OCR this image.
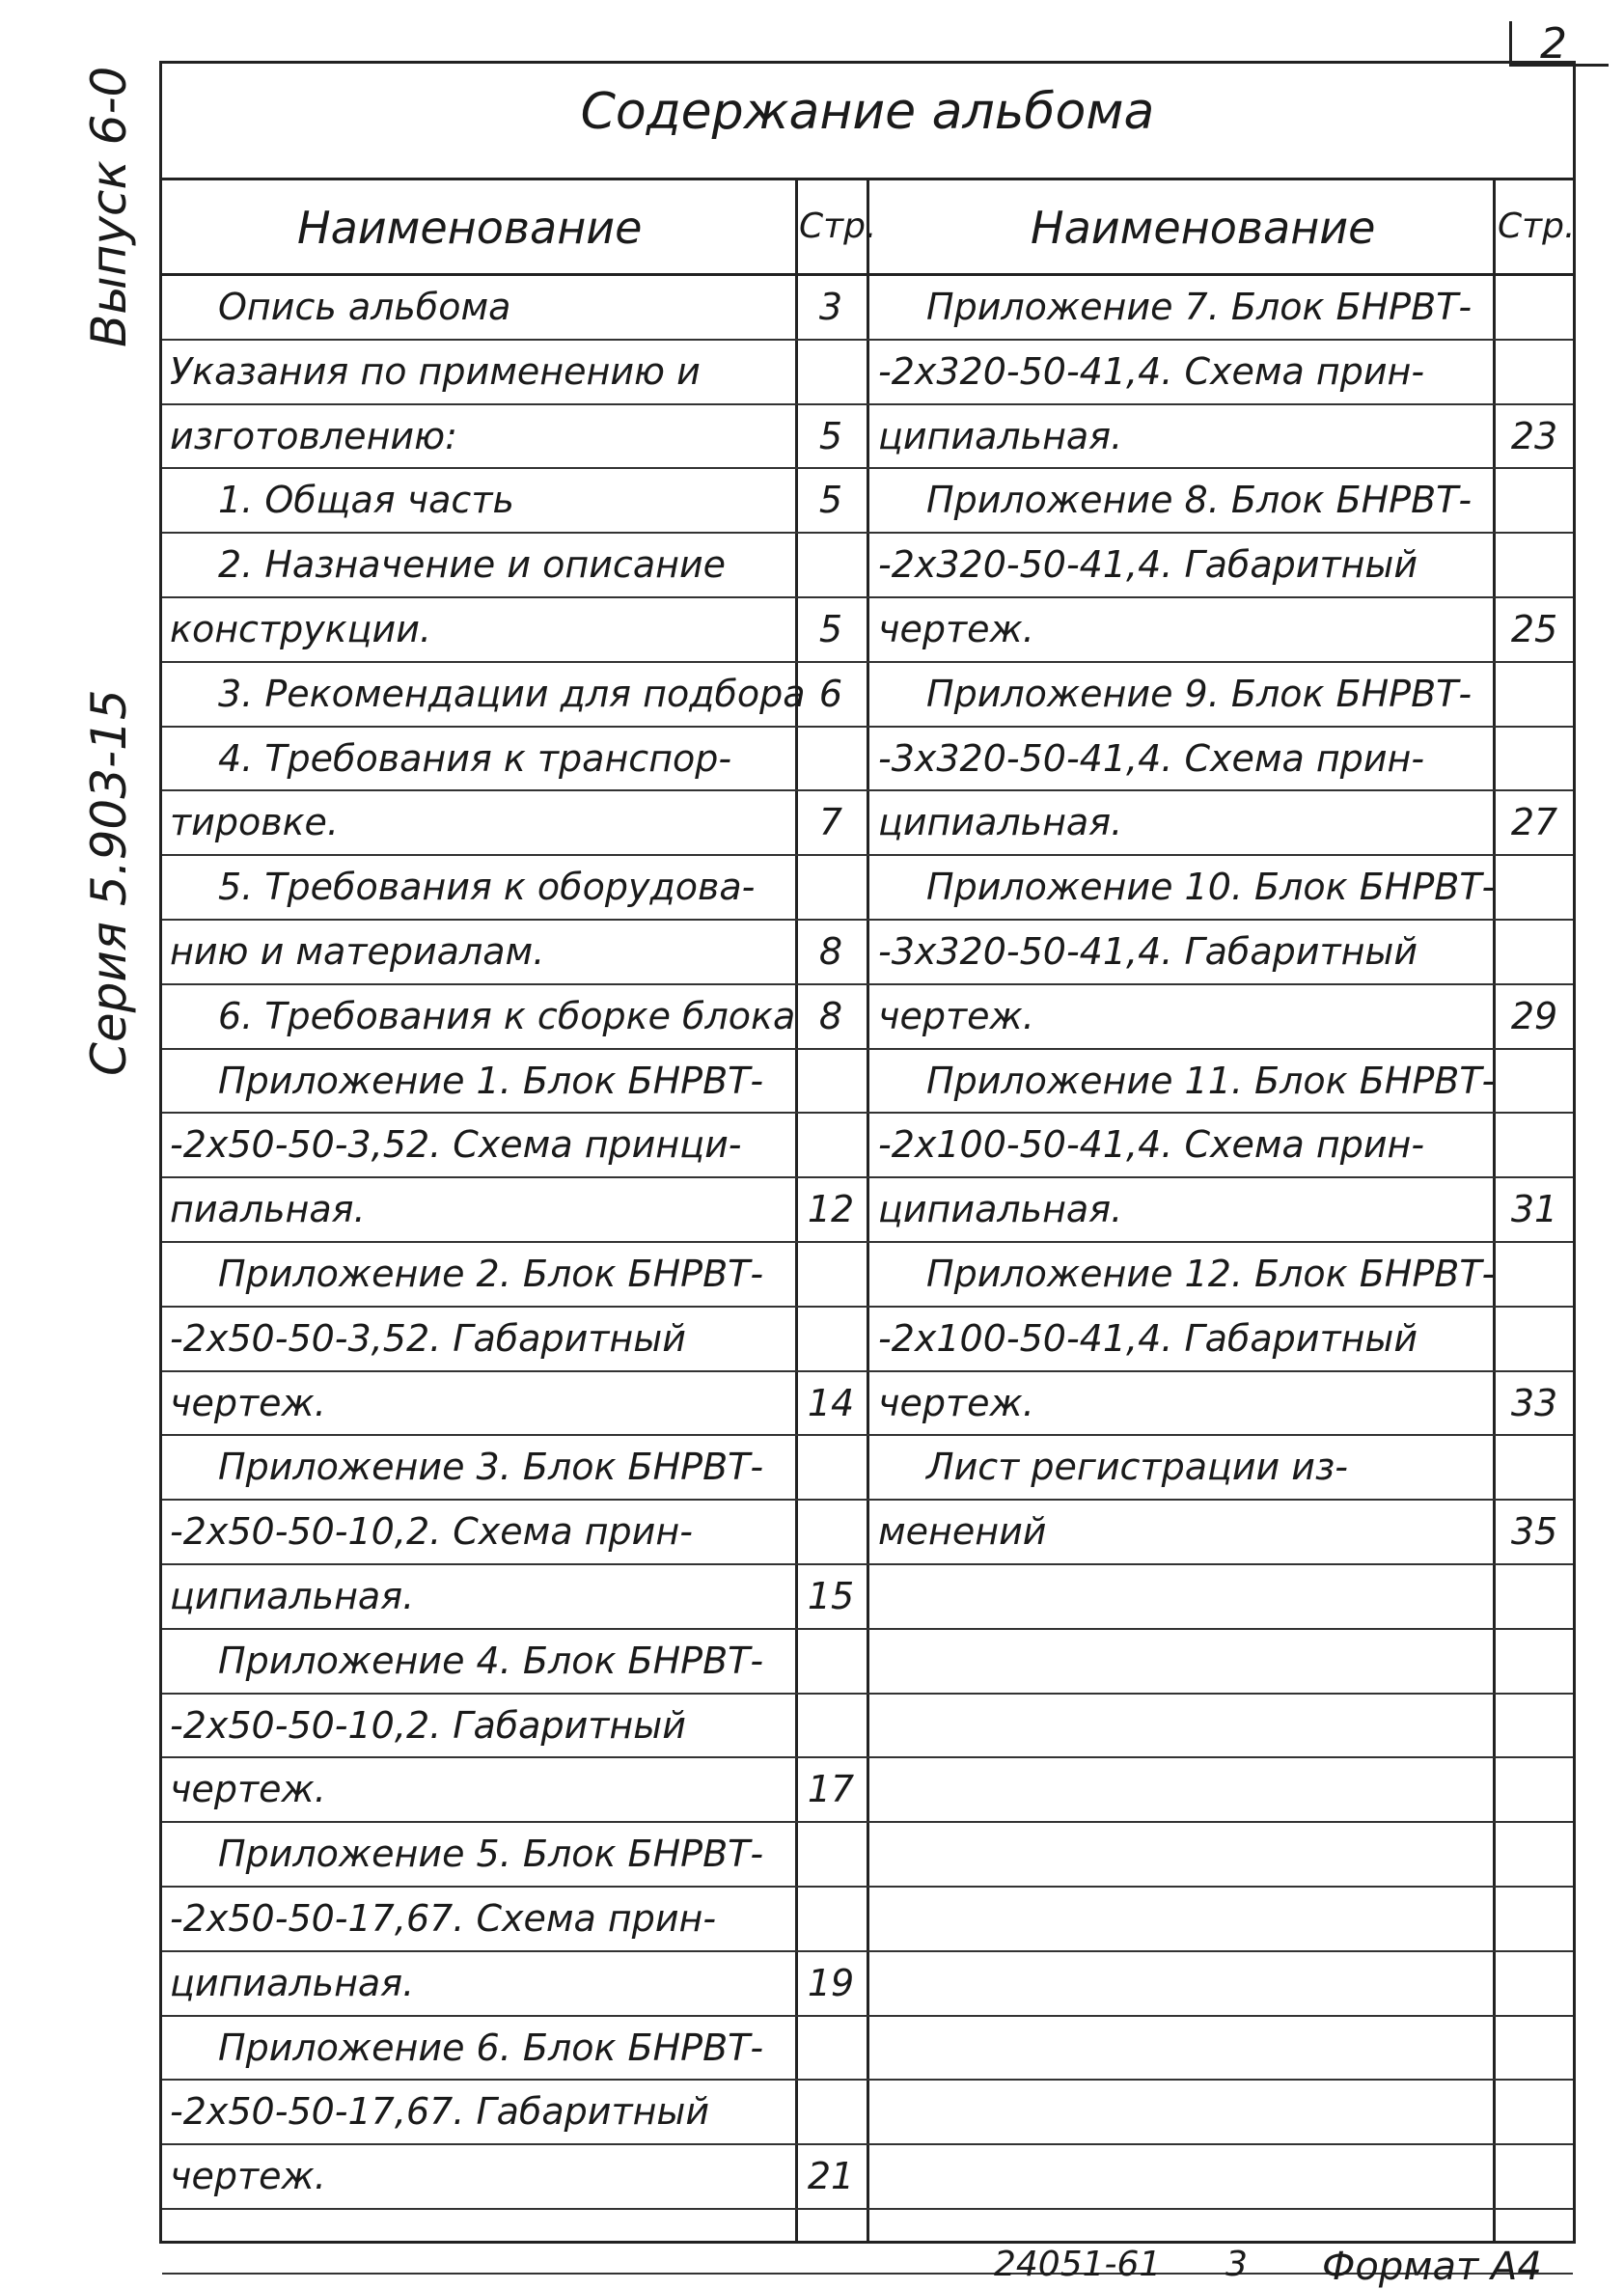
2
Выпуск 6-0
Серия 5.903-15
Содержание альбома
Наименование	Стр.	Наименование	Стр.
Опись альбома	3
Указания по применению и
изготовлению:	5
1. Общая часть	5
2. Назначение и описание
конструкции.	5
3. Рекомендации для подбора 6
4. Требования к транспор-
тировке.	7
5. Требования к оборудова-
нию и материалам.	8
6. Требования к сборке блока 8
Приложение 1. Блок БНРВТ-
-2х50-50-3,52. Схема принци-
пиальная.	12
Приложение 2. Блок БНРВТ-
-2х50-50-3,52. Габаритный
чертеж.	14
Приложение 3. Блок БНРВТ-
-2х50-50-10,2. Схема прин-
ципиальная.	15
Приложение 4. Блок БНРВТ-
-2х50-50-10,2. Габаритный
чертеж.	17
Приложение 5. Блок БНРВТ-
-2х50-50-17,67. Схема прин-
ципиальная.	19
Приложение 6. Блок БНРВТ-
-2х50-50-17,67. Габаритный
чертеж.	21
Приложение 7. Блок БНРВТ-
-2х320-50-41,4. Схема прин-
ципиальная.	23
Приложение 8. Блок БНРВТ-
-2х320-50-41,4. Габаритный
чертеж.	25
Приложение 9. Блок БНРВТ-
-3х320-50-41,4. Схема прин-
ципиальная.	27
Приложение 10. Блок БНРВТ-
-3х320-50-41,4. Габаритный
чертеж.	29
Приложение 11. Блок БНРВТ-
-2х100-50-41,4. Схема прин-
ципиальная.	31
Приложение 12. Блок БНРВТ-
-2х100-50-41,4. Габаритный
чертеж.	33
Лист регистрации из-
менений	35
24051-61 3 Формат А4
